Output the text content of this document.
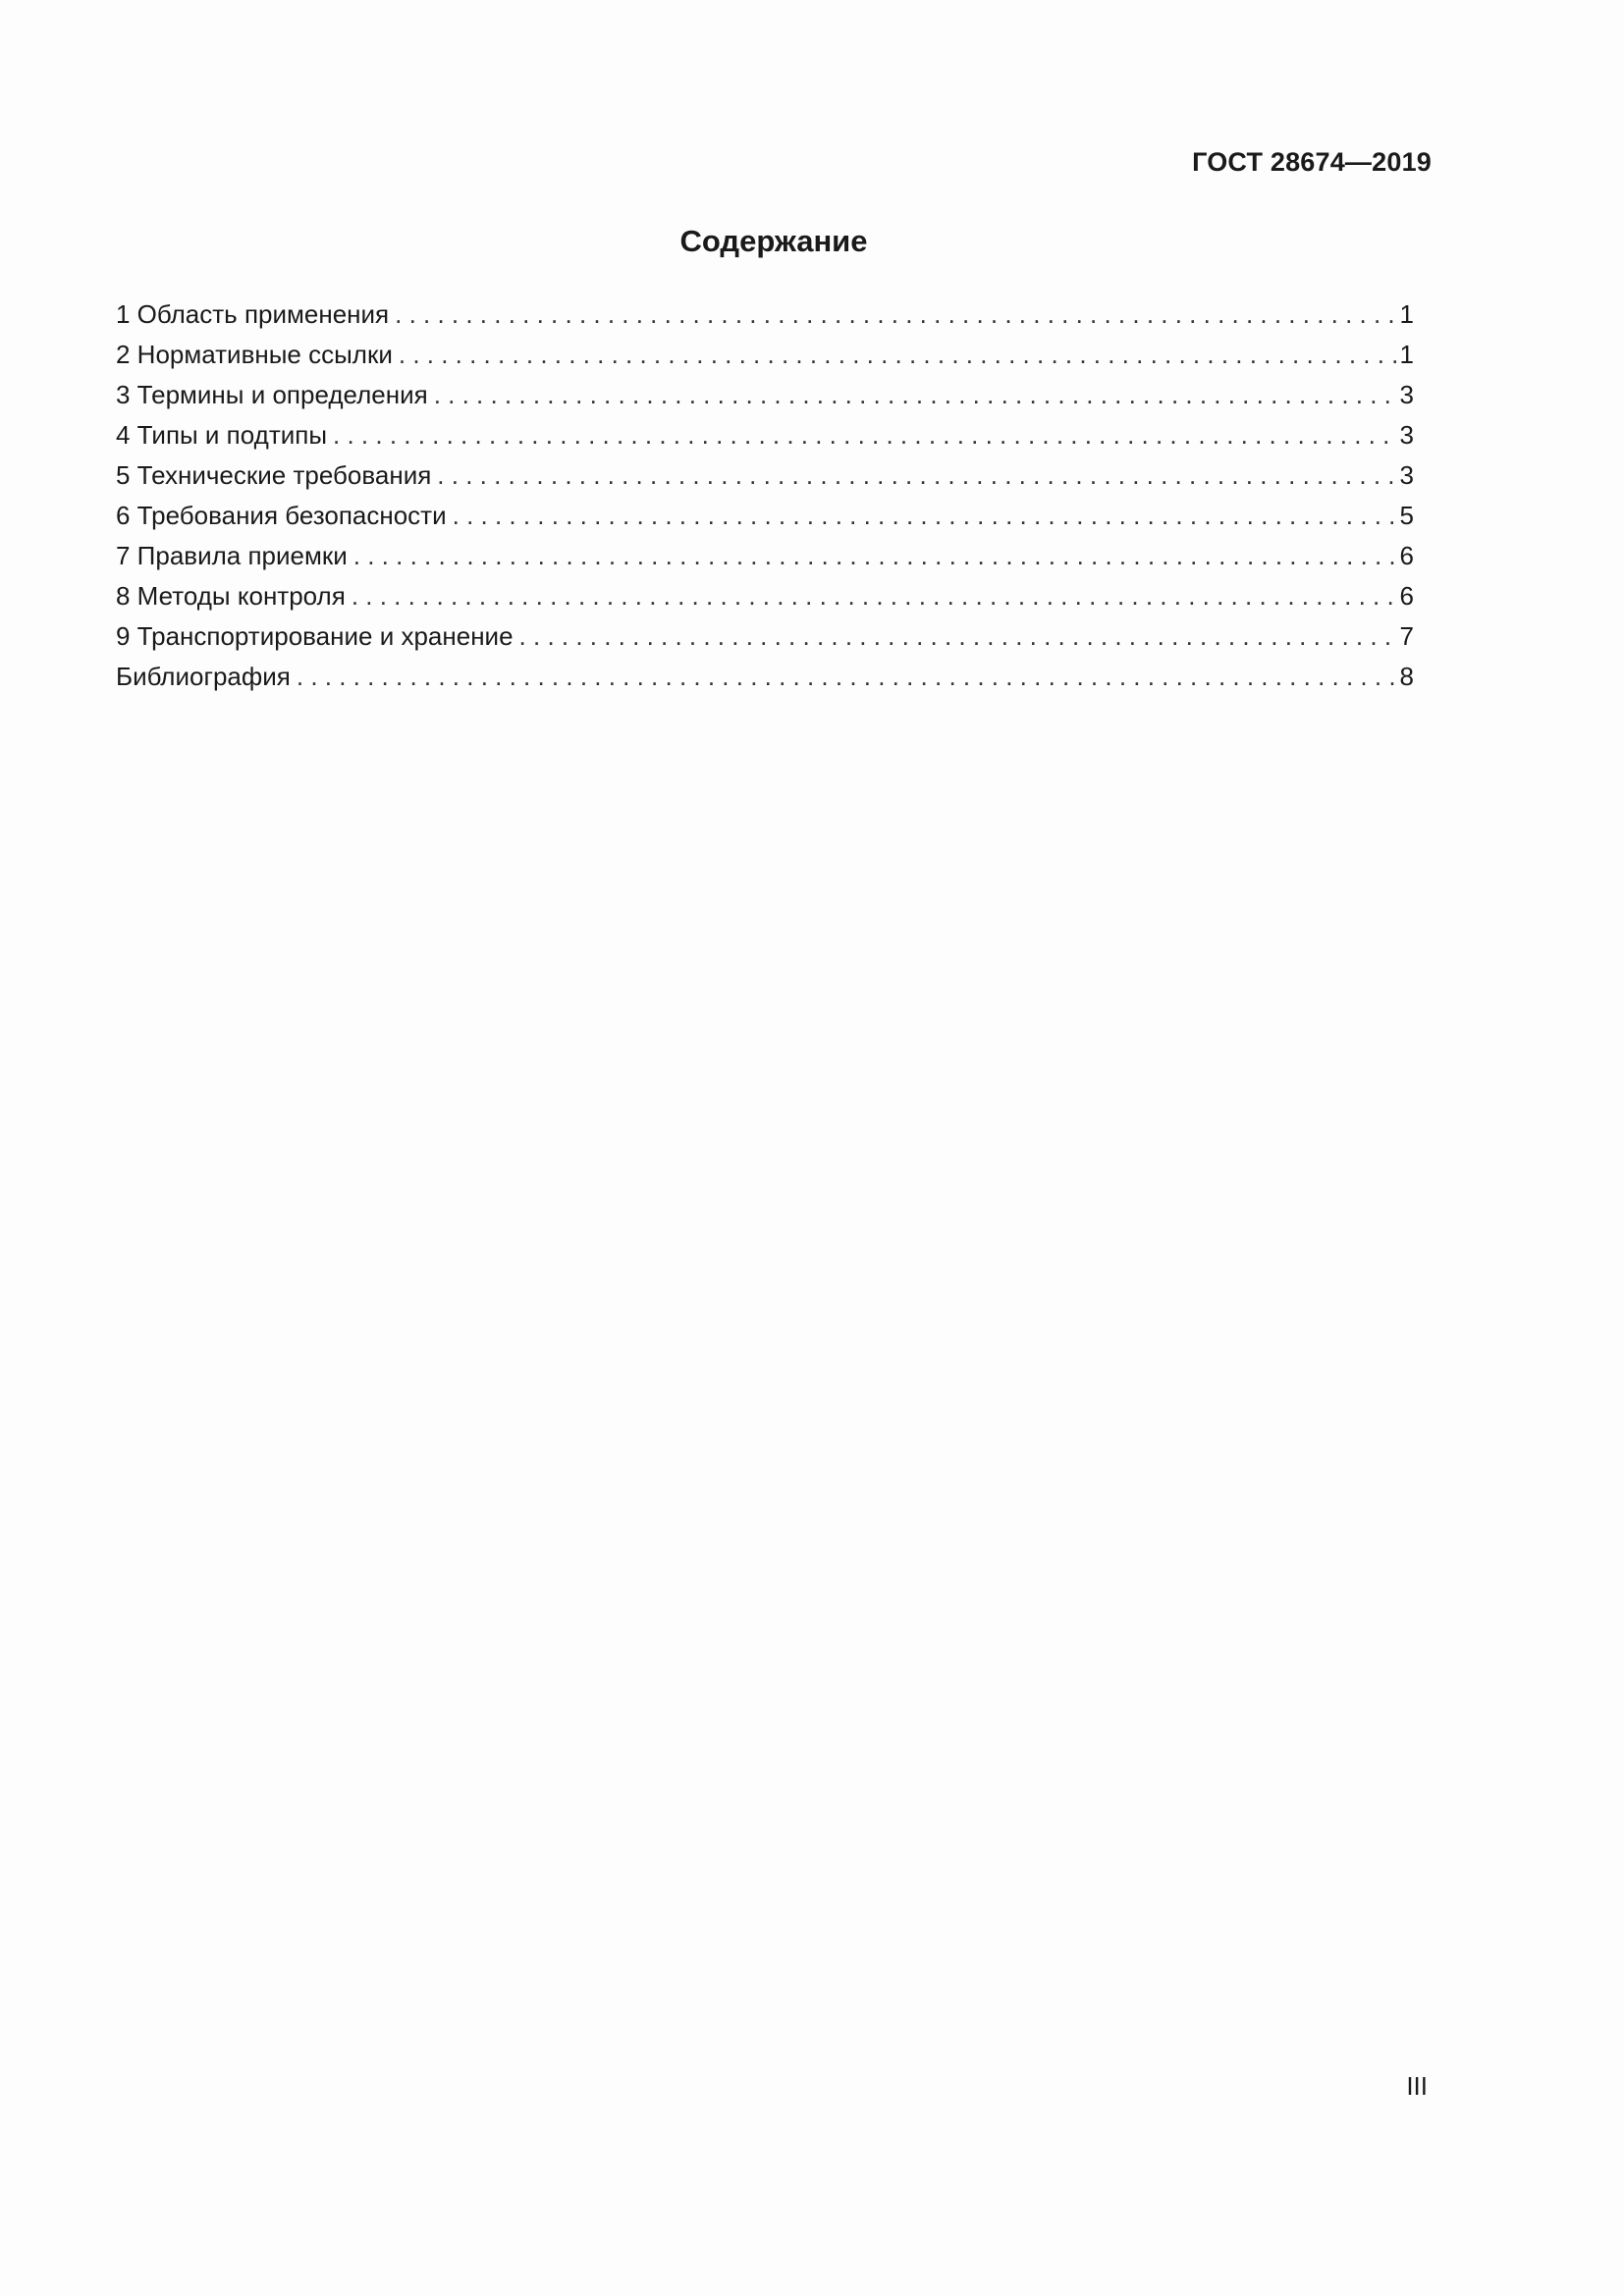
ГОСТ 28674—2019
Содержание
1 Область применения . . .	1
2 Нормативные ссылки . . .	1
3 Термины и определения . . .	3
4 Типы и подтипы . . .	3
5 Технические требования . . .	3
6 Требования безопасности . . .	5
7 Правила приемки . . .	6
8 Методы контроля . . .	6
9 Транспортирование и хранение . . .	7
Библиография . . .	8
III
